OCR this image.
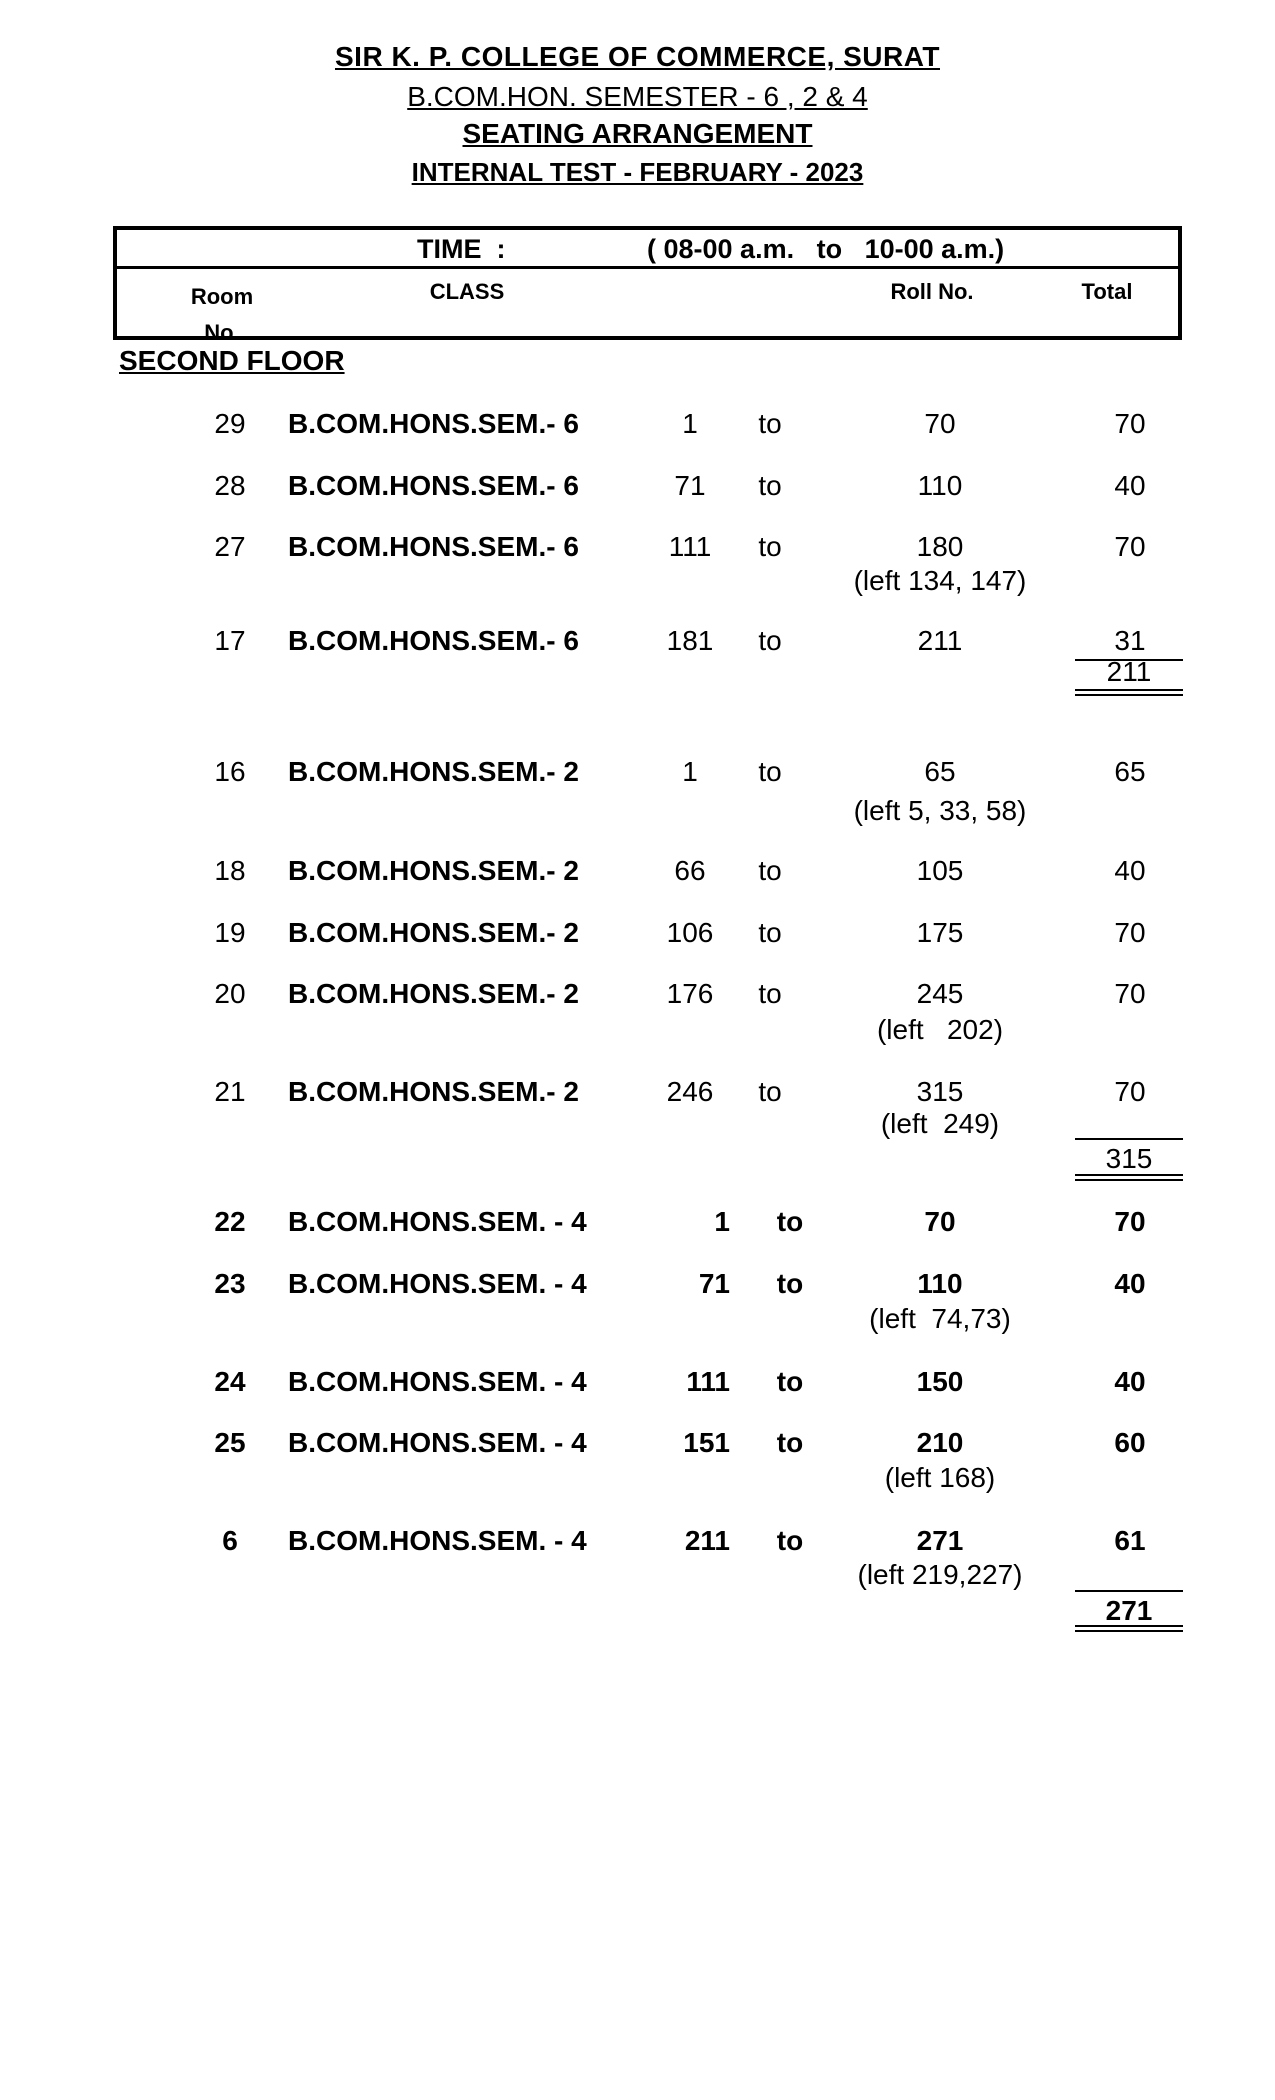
SIR K. P. COLLEGE OF COMMERCE, SURAT
B.COM.HON. SEMESTER - 6 , 2 & 4
SEATING ARRANGEMENT
INTERNAL TEST - FEBRUARY - 2023
TIME  :	( 08-00 a.m.   to   10-00 a.m.)
Room
No.
CLASS	Roll No.	Total
SECOND FLOOR
29	B.COM.HONS.SEM.- 6	1	to	70	70
28	B.COM.HONS.SEM.- 6	71	to	110	40
27	B.COM.HONS.SEM.- 6	111	to	180	70
(left 134, 147)
17	B.COM.HONS.SEM.- 6	181	to	211	31
211
16	B.COM.HONS.SEM.- 2	1	to	65	65
(left 5, 33, 58)
18	B.COM.HONS.SEM.- 2	66	to	105	40
19	B.COM.HONS.SEM.- 2	106	to	175	70
20	B.COM.HONS.SEM.- 2	176	to	245	70
(left   202)
21	B.COM.HONS.SEM.- 2	246	to	315	70
(left  249)
315
22	B.COM.HONS.SEM. - 4	1	to	70	70
23	B.COM.HONS.SEM. - 4	71	to	110	40
(left  74,73)
24	B.COM.HONS.SEM. - 4	111	to	150	40
25	B.COM.HONS.SEM. - 4	151	to	210	60
(left 168)
6	B.COM.HONS.SEM. - 4	211	to	271	61
(left 219,227)
271
